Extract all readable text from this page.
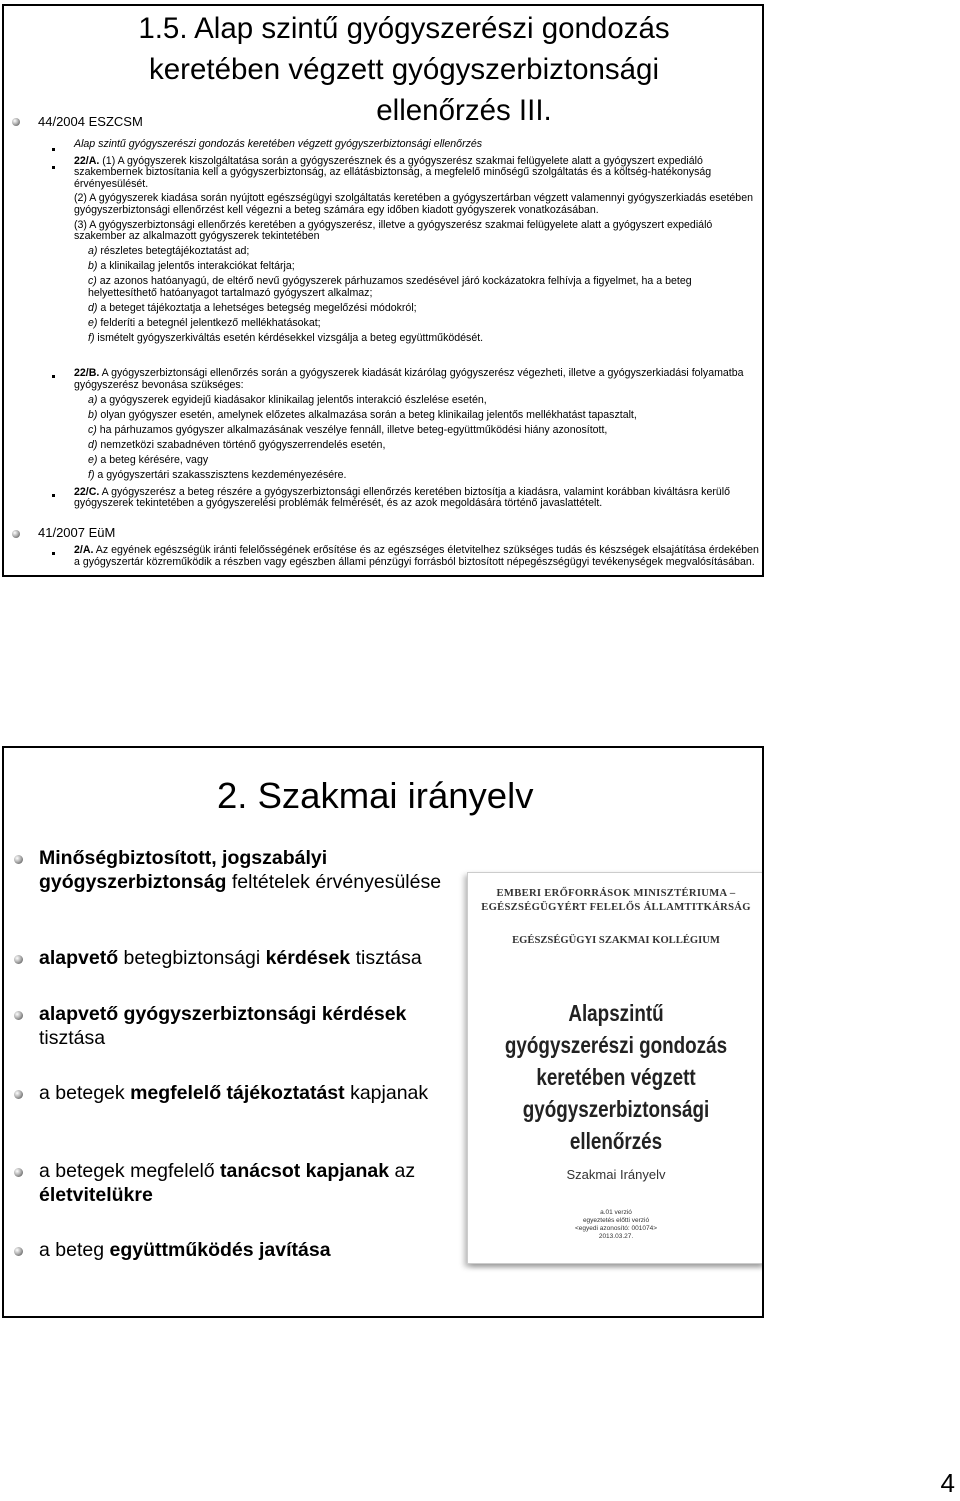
1.5. Alap szintű gyógyszerészi gondozás
keretében végzett gyógyszerbiztonsági
ellenőrzés III.
44/2004 ESZCSM

Alap szintű gyógyszerészi gondozás keretében végzett gyógyszerbiztonsági ellenőrzés

22/A. (1) A gyógyszerek kiszolgáltatása során a gyógyszerésznek és a gyógyszerész szakmai felügyelete alatt a gyógyszert expediáló szakembernek biztosítania kell a gyógyszerbiztonság, az ellátásbiztonság, a megfelelő minőségű szolgáltatás és a költség-hatékonyság érvényesülését.

(2) A gyógyszerek kiadása során nyújtott egészségügyi szolgáltatás keretében a gyógyszertárban végzett valamennyi gyógyszerkiadás esetében gyógyszerbiztonsági ellenőrzést kell végezni a beteg számára egy időben kiadott gyógyszerek vonatkozásában.

(3) A gyógyszerbiztonsági ellenőrzés keretében a gyógyszerész, illetve a gyógyszerész szakmai felügyelete alatt a gyógyszert expediáló szakember az alkalmazott gyógyszerek tekintetében

a) részletes betegtájékoztatást ad;

b) a klinikailag jelentős interakciókat feltárja;

c) az azonos hatóanyagú, de eltérő nevű gyógyszerek párhuzamos szedésével járó kockázatokra felhívja a figyelmet, ha a beteg helyettesíthető hatóanyagot tartalmazó gyógyszert alkalmaz;

d) a beteget tájékoztatja a lehetséges betegség megelőzési módokról;

e) felderíti a betegnél jelentkező mellékhatásokat;

f) ismételt gyógyszerkiváltás esetén kérdésekkel vizsgálja a beteg együttműködését.

22/B. A gyógyszerbiztonsági ellenőrzés során a gyógyszerek kiadását kizárólag gyógyszerész végezheti, illetve a gyógyszerkiadási folyamatba gyógyszerész bevonása szükséges:

a) a gyógyszerek egyidejű kiadásakor klinikailag jelentős interakció észlelése esetén,

b) olyan gyógyszer esetén, amelynek előzetes alkalmazása során a beteg klinikailag jelentős mellékhatást tapasztalt,

c) ha párhuzamos gyógyszer alkalmazásának veszélye fennáll, illetve beteg-együttműködési hiány azonosított,

d) nemzetközi szabadnéven történő gyógyszerrendelés esetén,

e) a beteg kérésére, vagy

f) a gyógyszertári szakasszisztens kezdeményezésére.

22/C. A gyógyszerész a beteg részére a gyógyszerbiztonsági ellenőrzés keretében biztosítja a kiadásra, valamint korábban kiváltásra kerülő gyógyszerek tekintetében a gyógyszerelési problémák felmérését, és az azok megoldására történő javaslattételt.

41/2007 EüM

2/A. Az egyének egészségük iránti felelősségének erősítése és az egészséges életvitelhez szükséges tudás és készségek elsajátítása érdekében a gyógyszertár közreműködik a részben vagy egészben állami pénzügyi forrásból biztosított népegészségügyi tevékenységek megvalósításában.

2. Szakmai irányelv
Minőségbiztosított, jogszabályi gyógyszerbiztonság feltételek érvényesülése
alapvető betegbiztonsági kérdések tisztása
alapvető gyógyszerbiztonsági kérdések tisztása
a betegek megfelelő tájékoztatást kapjanak
a betegek megfelelő tanácsot kapjanak az életvitelükre
a beteg együttműködés javítása
EMBERI ERŐFORRÁSOK MINISZTÉRIUMA –
EGÉSZSÉGÜGYÉRT FELELŐS ÁLLAMTITKÁRSÁG
EGÉSZSÉGÜGYI SZAKMAI KOLLÉGIUM
Alapszintű
gyógyszerészi gondozás
keretében végzett
gyógyszerbiztonsági
ellenőrzés
Szakmai Irányelv
a.01 verzió
egyeztetés előtti verzió
<egyedi azonosító: 001074>
2013.03.27.
4
